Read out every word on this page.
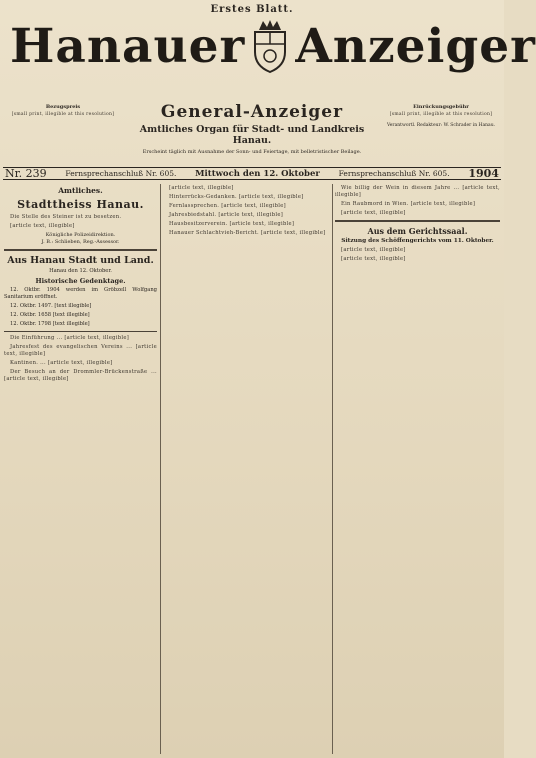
Erstes Blatt.
Hanauer Anzeiger
Bezugspreis
[small print, illegible at this resolution]	General-Anzeiger
Amtliches Organ für Stadt- und Landkreis Hanau.
Erscheint täglich mit Ausnahme der Sonn- und Feiertage, mit belletristischer Beilage.
Einrückungsgebühr
[small print, illegible at this resolution]
Verantwortl. Redakteur: W. Schrader in Hanau.
Nr. 239	Fernsprechanschluß Nr. 605. Mittwoch den 12. Oktober	Fernsprechanschluß Nr. 605. 1904
Amtliches.
Stadttheiss Hanau.

Die Stelle des Steiner ist zu besetzen.

[article text, illegible]

Königliche Polizeidirektion.
J. B.: Schlieben, Reg.-Assessor.
Aus Hanau Stadt und Land.
Hanau den 12. Oktober.
Historische Gedenktage.

12. Oktbr. 1904 werden im Gröbzell Wolfgang Sanitarium eröffnet.

12. Oktbr. 1497. [text illegible]

12. Oktbr. 1658 [text illegible]

12. Oktbr. 1798 [text illegible]

Die Einführung ... [article text, illegible]

Jahresfest des evangelischen Vereins ... [article text, illegible]

Kantinen. ... [article text, illegible]

Der Besuch an der Drommler-Brückenstraße ... [article text, illegible]

[article text, illegible]

Hinterrücks-Gedanken. [article text, illegible]

Fernlassprechen. [article text, illegible]

Jahresbiedstahl. [article text, illegible]

Hausbesitzerverein. [article text, illegible]

Hanauer Schlachtvieh-Bericht. [article text, illegible]

Wie billig der Wein in diesem Jahre ... [article text, illegible]

Ein Raubmord in Wien. [article text, illegible]

[article text, illegible]

Aus dem Gerichtssaal.
Sitzung des Schöffengerichts vom 11. Oktober.

[article text, illegible]

[article text, illegible]
